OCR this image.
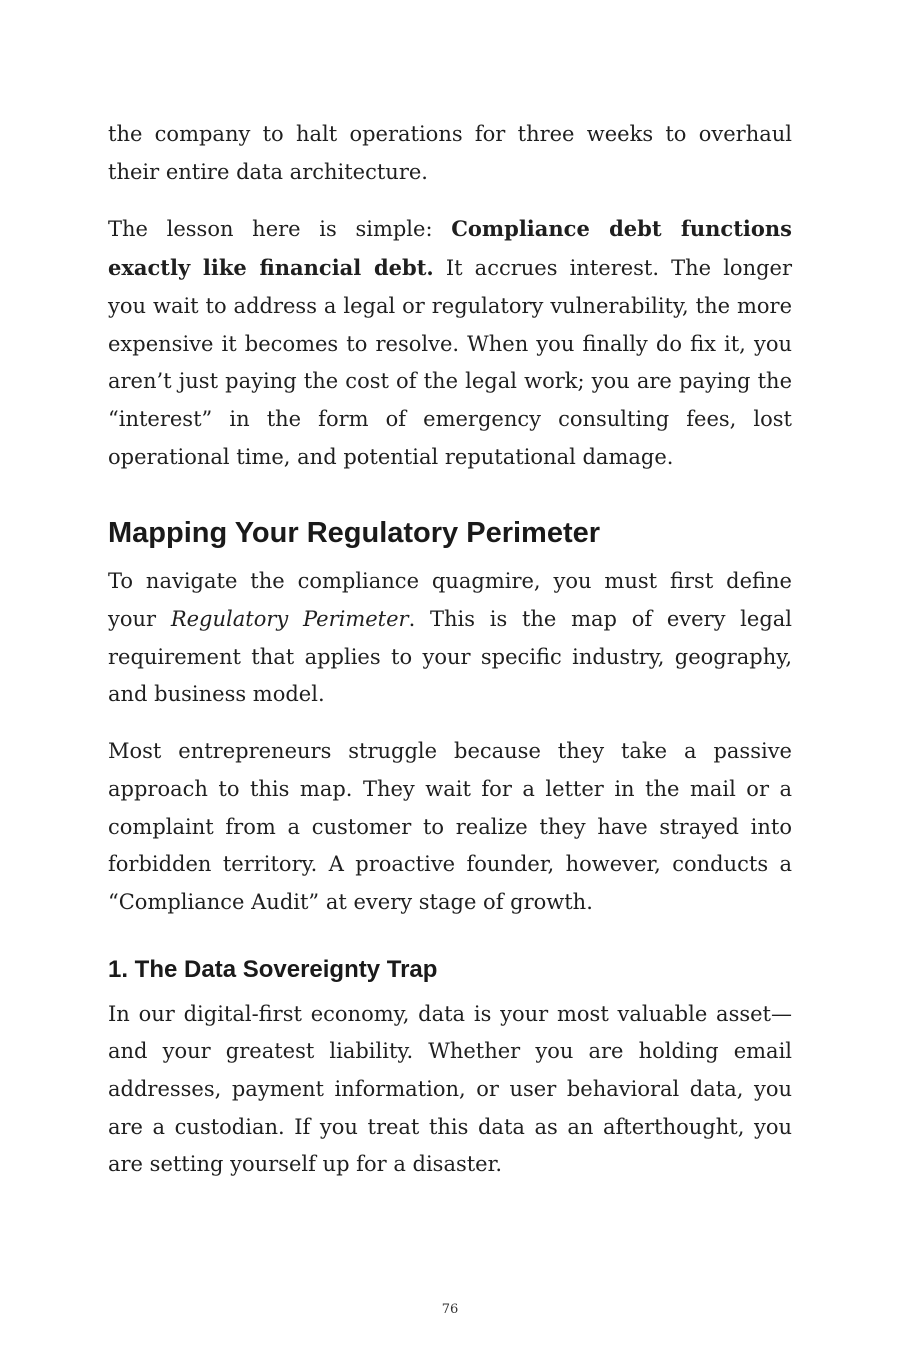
the company to halt operations for three weeks to overhaul their entire data architecture.

The lesson here is simple: Compliance debt functions exactly like financial debt. It accrues interest. The longer you wait to address a legal or regulatory vulnerability, the more expensive it becomes to resolve. When you finally do fix it, you aren’t just paying the cost of the legal work; you are paying the “interest” in the form of emergency consulting fees, lost operational time, and potential reputational damage.

Mapping Your Regulatory Perimeter

To navigate the compliance quagmire, you must first define your Regulatory Perimeter. This is the map of every legal requirement that applies to your specific industry, geography, and business model.

Most entrepreneurs struggle because they take a passive approach to this map. They wait for a letter in the mail or a complaint from a customer to realize they have strayed into forbidden territory. A proactive founder, however, conducts a “Compliance Audit” at every stage of growth.

1. The Data Sovereignty Trap

In our digital-first economy, data is your most valuable asset—and your greatest liability. Whether you are holding email addresses, payment information, or user behavioral data, you are a custodian. If you treat this data as an afterthought, you are setting yourself up for a disaster.

76
